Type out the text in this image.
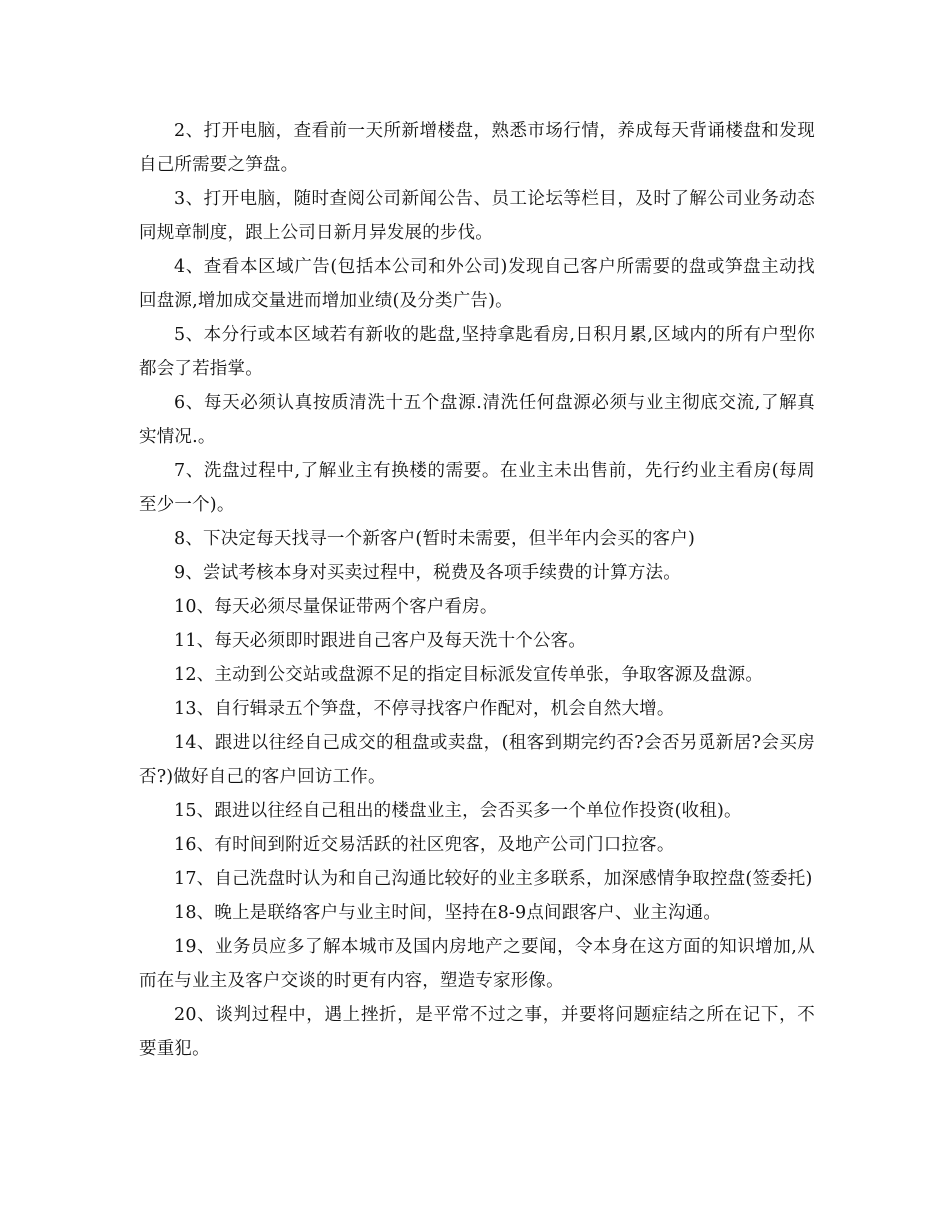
2、打开电脑，查看前一天所新增楼盘，熟悉市场行情，养成每天背诵楼盘和发现自己所需要之笋盘。

3、打开电脑，随时查阅公司新闻公告、员工论坛等栏目，及时了解公司业务动态同规章制度，跟上公司日新月异发展的步伐。

4、查看本区域广告(包括本公司和外公司)发现自己客户所需要的盘或笋盘主动找回盘源,增加成交量进而增加业绩(及分类广告)。

5、本分行或本区域若有新收的匙盘,坚持拿匙看房,日积月累,区域内的所有户型你都会了若指掌。

6、每天必须认真按质清洗十五个盘源.清洗任何盘源必须与业主彻底交流,了解真实情况.。

7、洗盘过程中,了解业主有换楼的需要。在业主未出售前，先行约业主看房(每周至少一个)。

8、下决定每天找寻一个新客户(暂时未需要，但半年内会买的客户)

9、尝试考核本身对买卖过程中，税费及各项手续费的计算方法。

10、每天必须尽量保证带两个客户看房。

11、每天必须即时跟进自己客户及每天洗十个公客。

12、主动到公交站或盘源不足的指定目标派发宣传单张，争取客源及盘源。

13、自行辑录五个笋盘，不停寻找客户作配对，机会自然大增。

14、跟进以往经自己成交的租盘或卖盘，(租客到期完约否?会否另觅新居?会买房否?)做好自己的客户回访工作。

15、跟进以往经自己租出的楼盘业主，会否买多一个单位作投资(收租)。

16、有时间到附近交易活跃的社区兜客，及地产公司门口拉客。

17、自己洗盘时认为和自己沟通比较好的业主多联系，加深感情争取控盘(签委托)

18、晚上是联络客户与业主时间，坚持在8-9点间跟客户、业主沟通。

19、业务员应多了解本城市及国内房地产之要闻，令本身在这方面的知识增加,从而在与业主及客户交谈的时更有内容，塑造专家形像。

20、谈判过程中，遇上挫折，是平常不过之事，并要将问题症结之所在记下，不要重犯。
